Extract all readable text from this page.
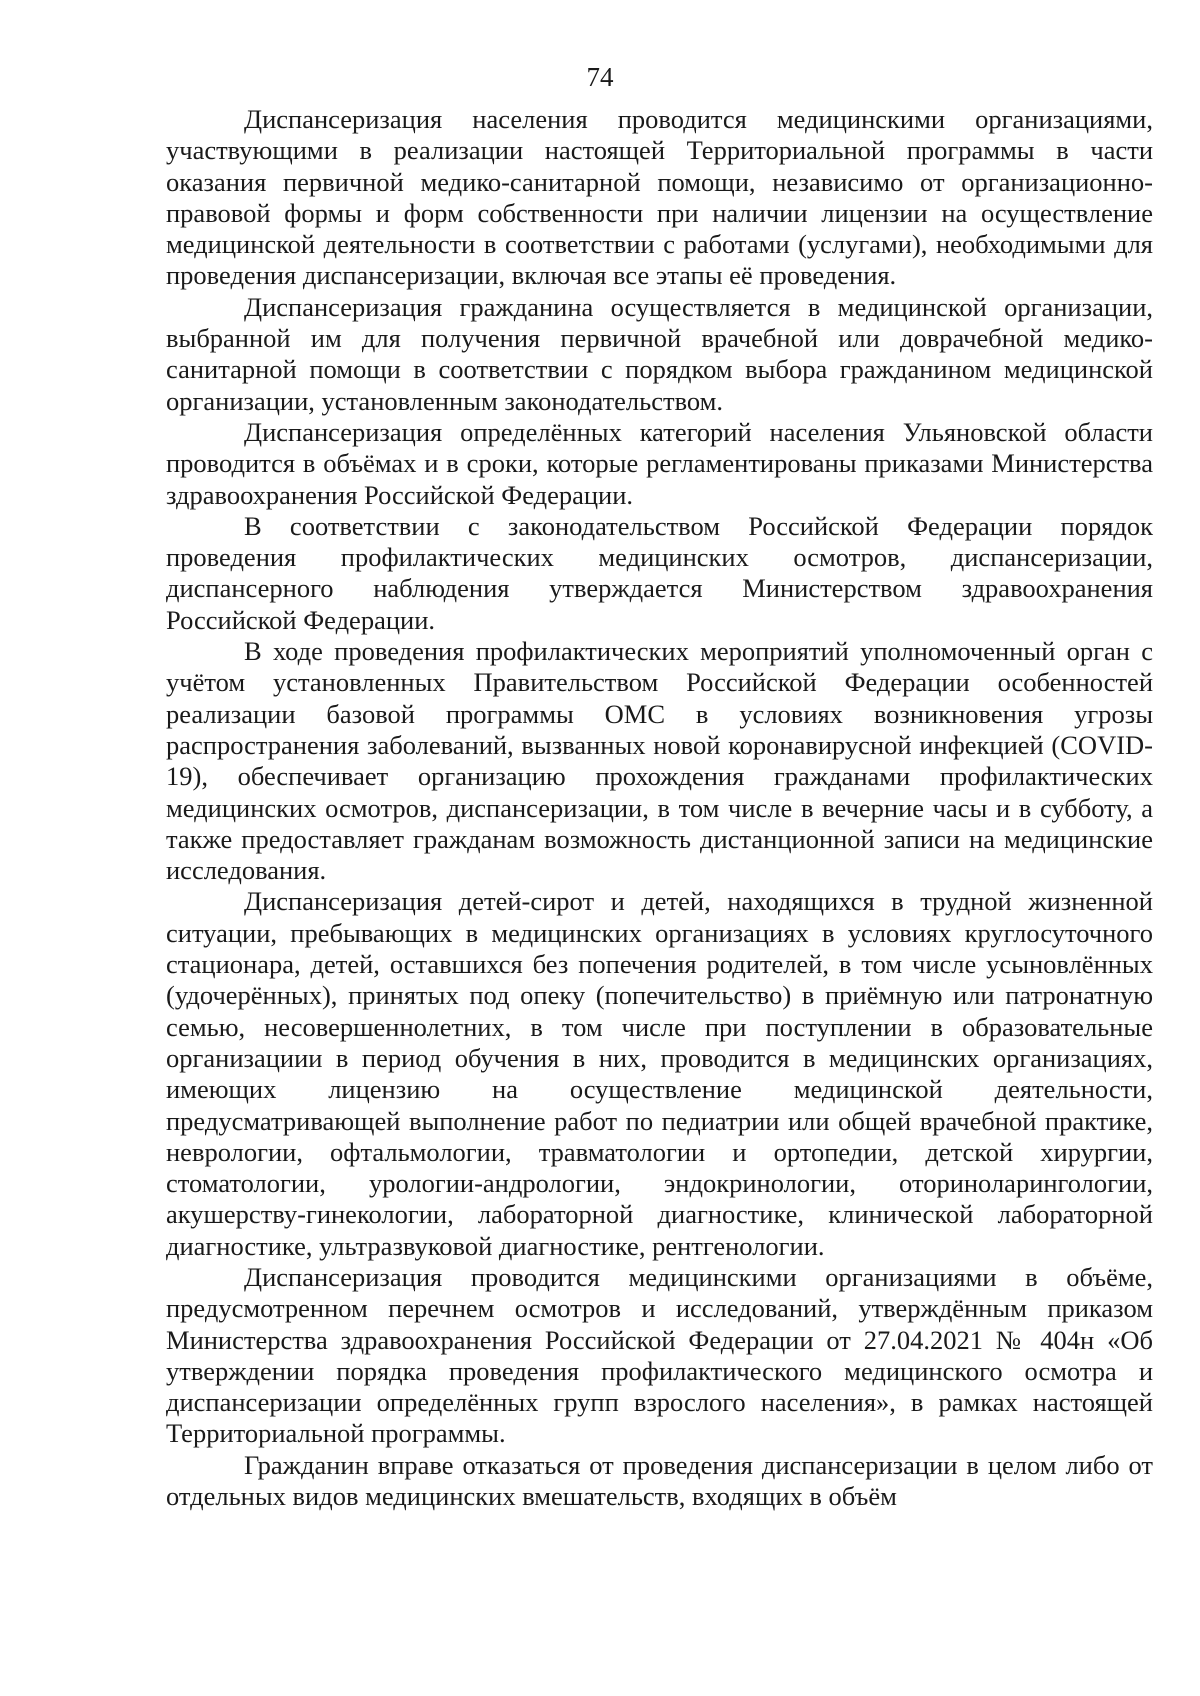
74

Диспансеризация населения проводится медицинскими организациями, участвующими в реализации настоящей Территориальной программы в части оказания первичной медико-санитарной помощи, независимо от организационно-правовой формы и форм собственности при наличии лицензии на осуществление медицинской деятельности в соответствии с работами (услугами), необходимыми для проведения диспансеризации, включая все этапы её проведения.

Диспансеризация гражданина осуществляется в медицинской организации, выбранной им для получения первичной врачебной или доврачебной медико-санитарной помощи в соответствии с порядком выбора гражданином медицинской организации, установленным законодательством.

Диспансеризация определённых категорий населения Ульяновской области проводится в объёмах и в сроки, которые регламентированы приказами Министерства здравоохранения Российской Федерации.

В соответствии с законодательством Российской Федерации порядок проведения профилактических медицинских осмотров, диспансеризации, диспансерного наблюдения утверждается Министерством здравоохранения Российской Федерации.

В ходе проведения профилактических мероприятий уполномоченный орган с учётом установленных Правительством Российской Федерации особенностей реализации базовой программы ОМС в условиях возникновения угрозы распространения заболеваний, вызванных новой коронавирусной инфекцией (COVID-19), обеспечивает организацию прохождения гражданами профилактических медицинских осмотров, диспансеризации, в том числе в вечерние часы и в субботу, а также предоставляет гражданам возможность дистанционной записи на медицинские исследования.

Диспансеризация детей-сирот и детей, находящихся в трудной жизненной ситуации, пребывающих в медицинских организациях в условиях круглосуточного стационара, детей, оставшихся без попечения родителей, в том числе усыновлённых (удочерённых), принятых под опеку (попечительство) в приёмную или патронатную семью, несовершеннолетних, в том числе при поступлении в образовательные организациии в период обучения в них, проводится в медицинских организациях, имеющих лицензию на осуществление медицинской деятельности, предусматривающей выполнение работ по педиатрии или общей врачебной практике, неврологии, офтальмологии, травматологии и ортопедии, детской хирургии, стоматологии, урологии-андрологии, эндокринологии, оториноларингологии, акушерству-гинекологии, лабораторной диагностике, клинической лабораторной диагностике, ультразвуковой диагностике, рентгенологии.

Диспансеризация проводится медицинскими организациями в объёме, предусмотренном перечнем осмотров и исследований, утверждённым приказом Министерства здравоохранения Российской Федерации от 27.04.2021 № 404н «Об утверждении порядка проведения профилактического медицинского осмотра и диспансеризации определённых групп взрослого населения», в рамках настоящей Территориальной программы.

Гражданин вправе отказаться от проведения диспансеризации в целом либо от отдельных видов медицинских вмешательств, входящих в объём
